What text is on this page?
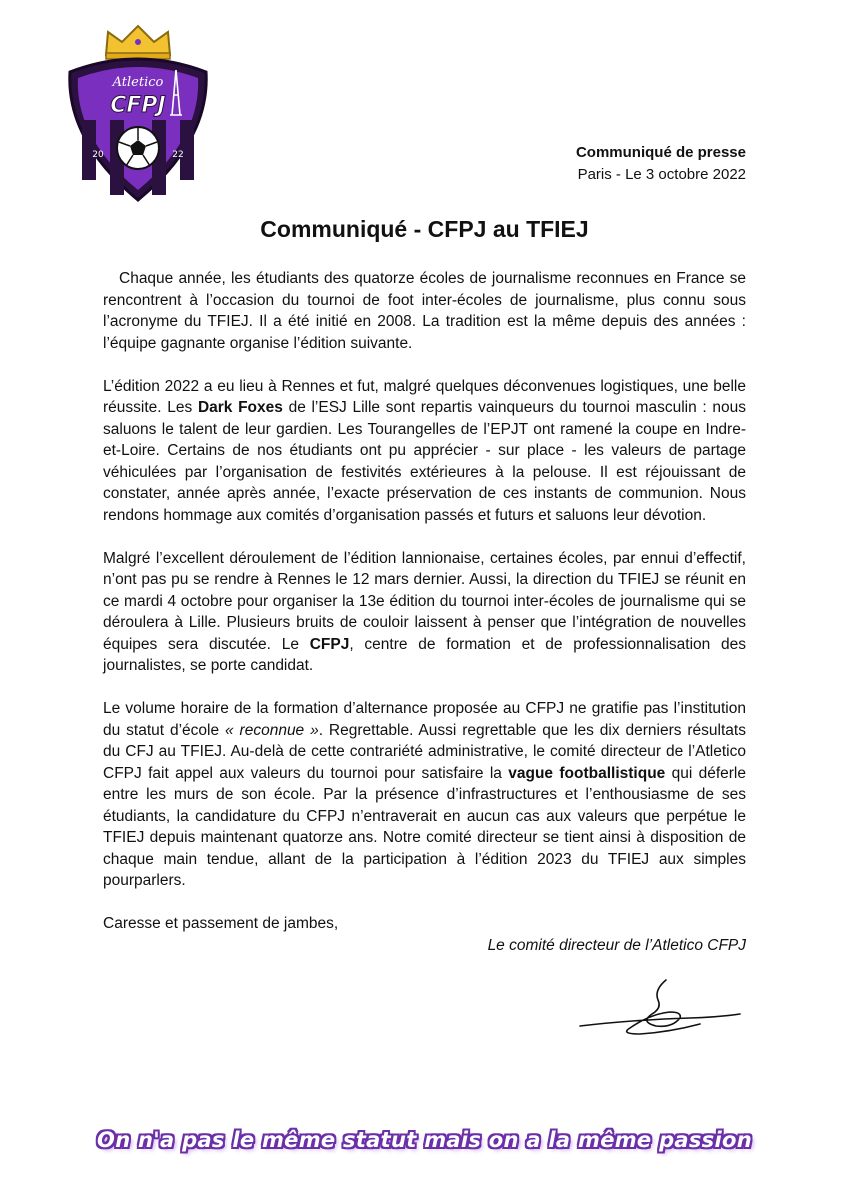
Atletico
CFPJ
20	22	Communiqué de presse
Paris - Le 3 octobre 2022
Communiqué - CFPJ au TFIEJ

Chaque année, les étudiants des quatorze écoles de journalisme reconnues en France se rencontrent à l’occasion du tournoi de foot inter-écoles de journalisme, plus connu sous l’acronyme du TFIEJ. Il a été initié en 2008. La tradition est la même depuis des années : l’équipe gagnante organise l’édition suivante.

L’édition 2022 a eu lieu à Rennes et fut, malgré quelques déconvenues logistiques, une belle réussite. Les Dark Foxes de l’ESJ Lille sont repartis vainqueurs du tournoi masculin : nous saluons le talent de leur gardien. Les Tourangelles de l’EPJT ont ramené la coupe en Indre-et-Loire. Certains de nos étudiants ont pu apprécier - sur place - les valeurs de partage véhiculées par l’organisation de festivités extérieures à la pelouse. Il est réjouissant de constater, année après année, l’exacte préservation de ces instants de communion. Nous rendons hommage aux comités d’organisation passés et futurs et saluons leur dévotion.

Malgré l’excellent déroulement de l’édition lannionaise, certaines écoles, par ennui d’effectif, n’ont pas pu se rendre à Rennes le 12 mars dernier. Aussi, la direction du TFIEJ se réunit en ce mardi 4 octobre pour organiser la 13e édition du tournoi inter-écoles de journalisme qui se déroulera à Lille. Plusieurs bruits de couloir laissent à penser que l’intégration de nouvelles équipes sera discutée. Le CFPJ, centre de formation et de professionnalisation des journalistes, se porte candidat.

Le volume horaire de la formation d’alternance proposée au CFPJ ne gratifie pas l’institution du statut d’école « reconnue ». Regrettable. Aussi regrettable que les dix derniers résultats du CFJ au TFIEJ. Au-delà de cette contrariété administrative, le comité directeur de l’Atletico CFPJ fait appel aux valeurs du tournoi pour satisfaire la vague footballistique qui déferle entre les murs de son école. Par la présence d’infrastructures et l’enthousiasme de ses étudiants, la candidature du CFPJ n’entraverait en aucun cas aux valeurs que perpétue le TFIEJ depuis maintenant quatorze ans. Notre comité directeur se tient ainsi à disposition de chaque main tendue, allant de la participation à l’édition 2023 du TFIEJ aux simples pourparlers.

Caresse et passement de jambes,

Le comité directeur de l’Atletico CFPJ
On n'a pas le même statut mais on a la même passion
